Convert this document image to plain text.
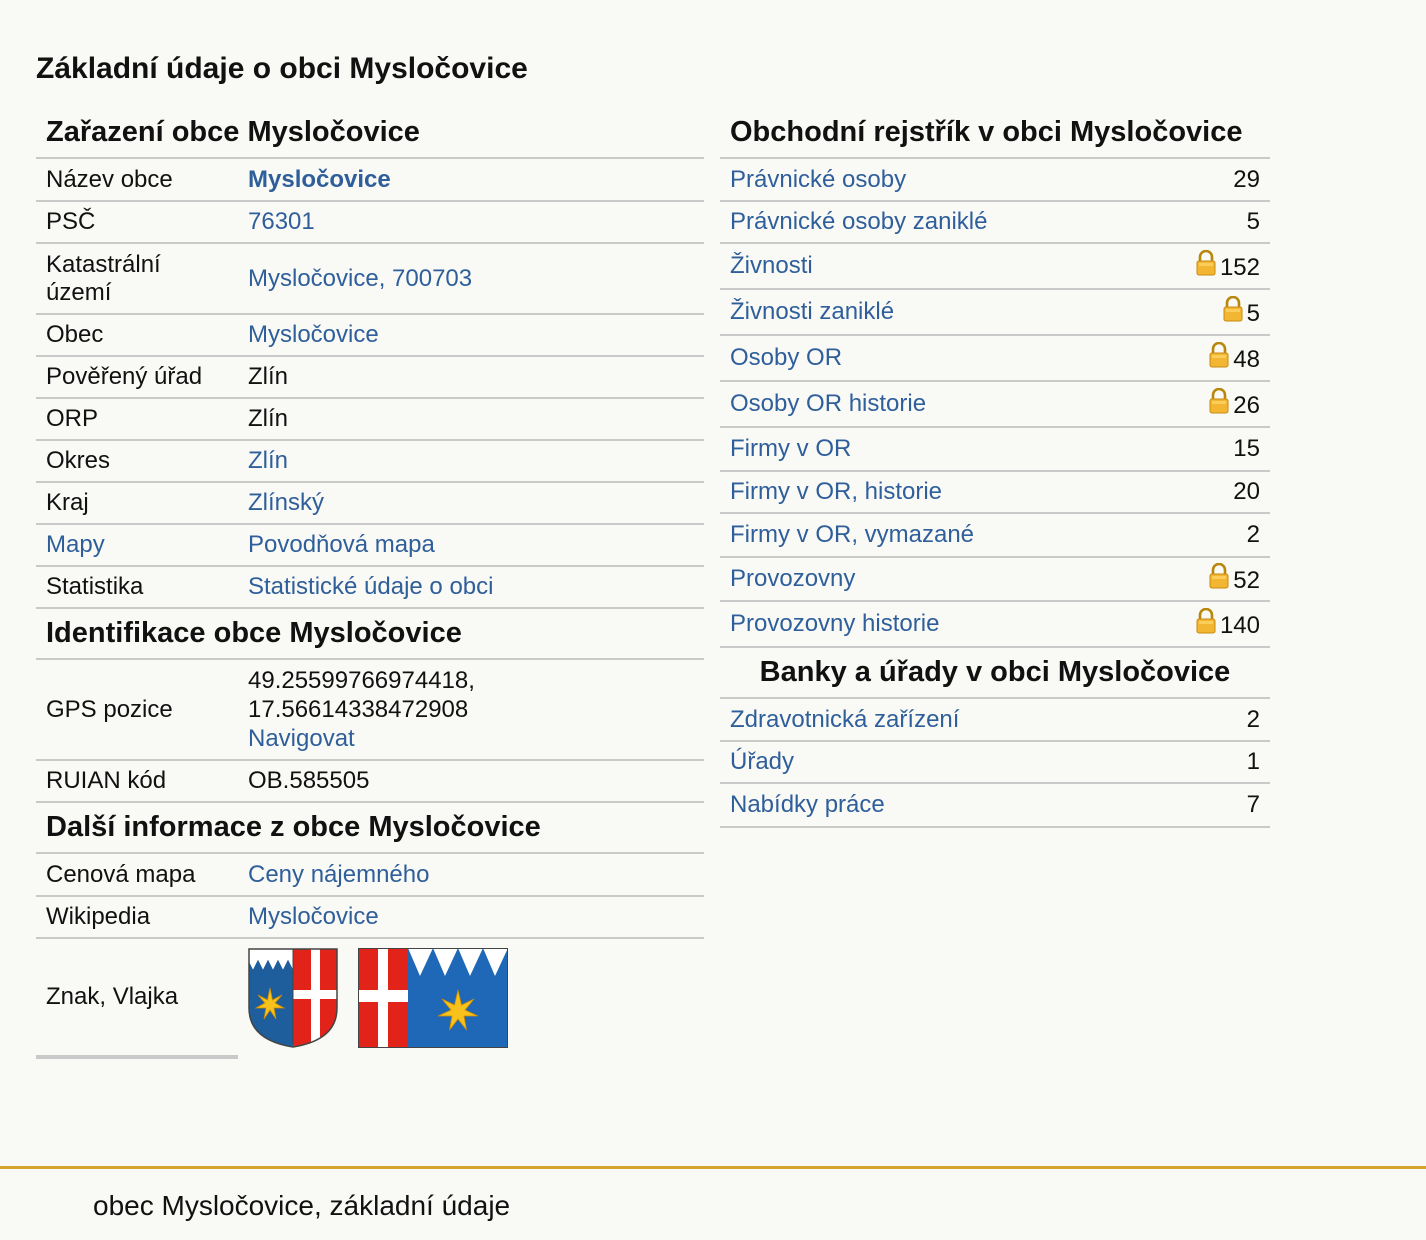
Základní údaje o obci Mysločovice
Zařazení obce Mysločovice
Název obce	Mysločovice
PSČ	76301
Katastrální území	Mysločovice, 700703
Obec	Mysločovice
Pověřený úřad	Zlín
ORP	Zlín
Okres	Zlín
Kraj	Zlínský
Mapy	Povodňová mapa
Statistika	Statistické údaje o obci
Identifikace obce Mysločovice
GPS pozice	49.25599766974418,
17.56614338472908
Navigovat
RUIAN kód	OB.585505
Další informace z obce Mysločovice
Cenová mapa	Ceny nájemného
Wikipedia	Mysločovice
Znak, Vlajka	
Obchodní rejstřík v obci Mysločovice
Právnické osoby	29
Právnické osoby zaniklé	5
Živnosti	152
Živnosti zaniklé	5
Osoby OR	48
Osoby OR historie	26
Firmy v OR	15
Firmy v OR, historie	20
Firmy v OR, vymazané	2
Provozovny	52
Provozovny historie	140
Banky a úřady v obci Mysločovice
Zdravotnická zařízení	2
Úřady	1
Nabídky práce	7
obec Mysločovice, základní údaje
